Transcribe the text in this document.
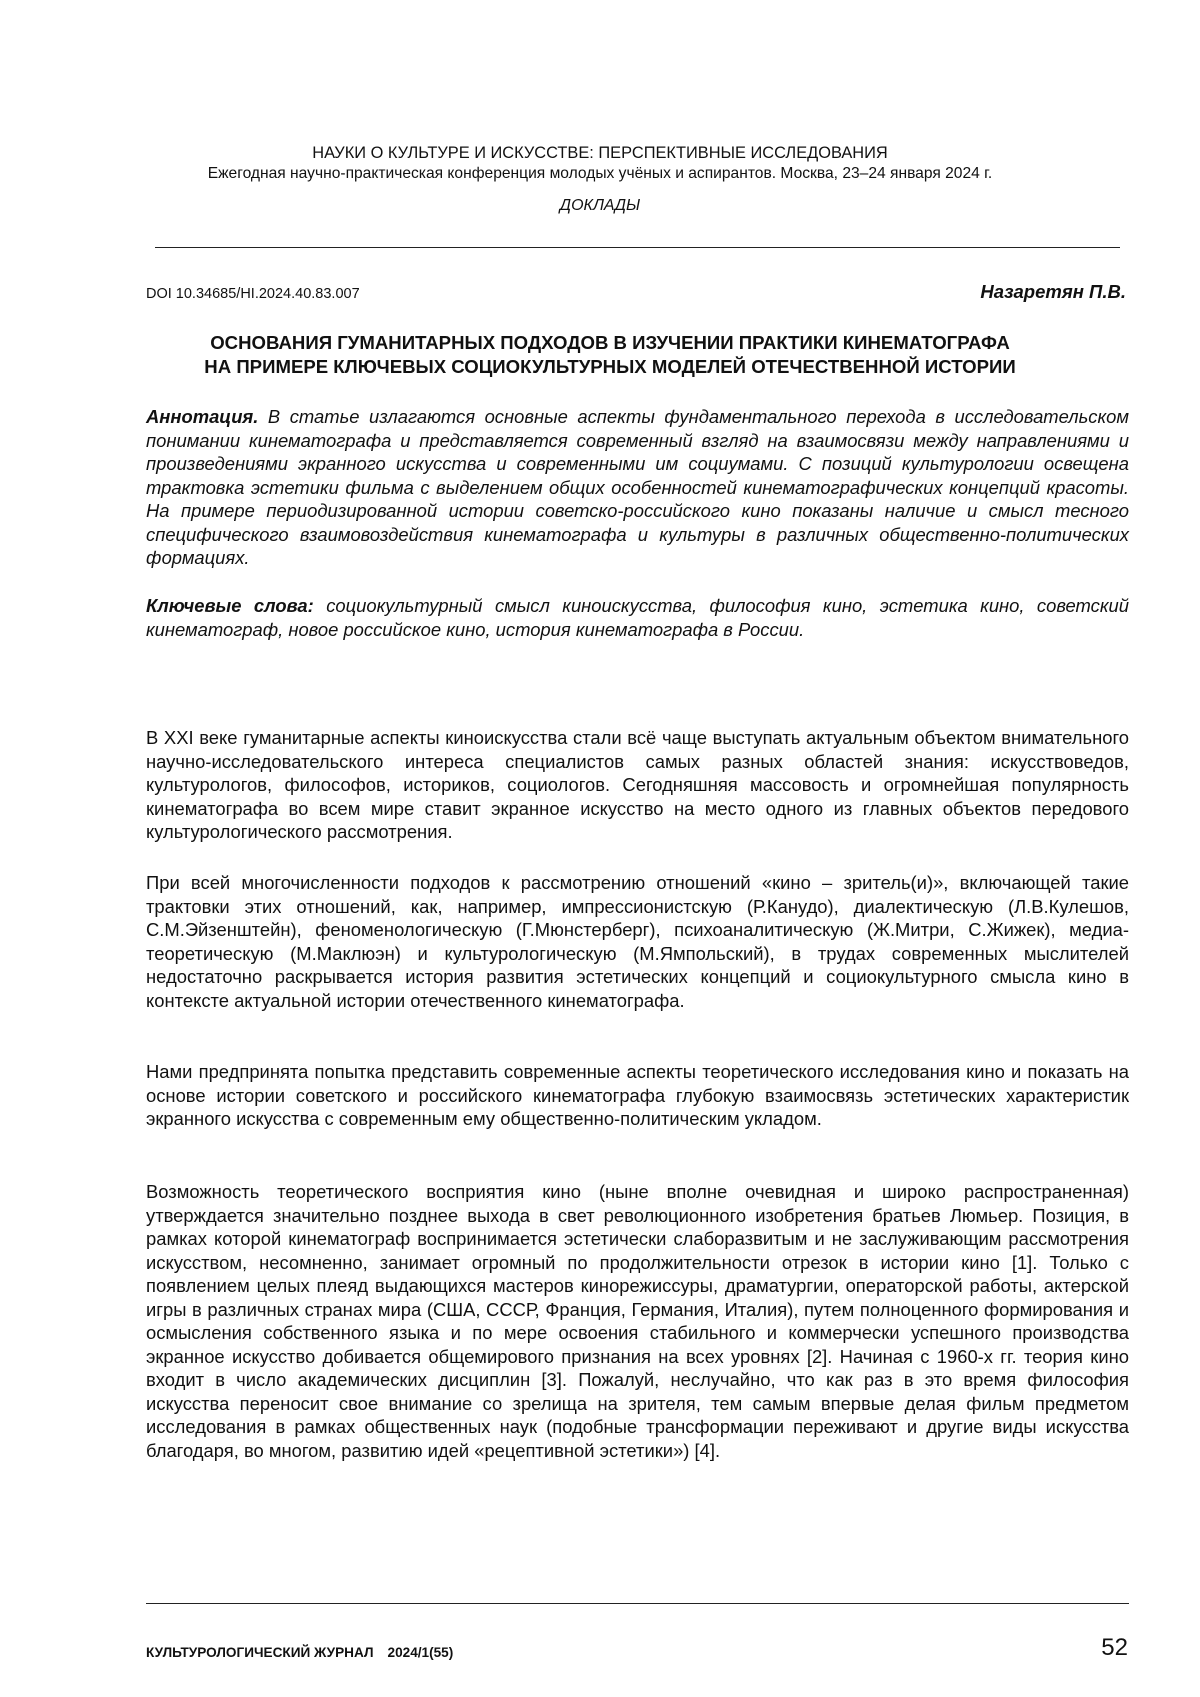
НАУКИ О КУЛЬТУРЕ И ИСКУССТВЕ: ПЕРСПЕКТИВНЫЕ ИССЛЕДОВАНИЯ
Ежегодная научно-практическая конференция молодых учёных и аспирантов. Москва, 23–24 января 2024 г.
ДОКЛАДЫ
DOI 10.34685/HI.2024.40.83.007	Назаретян П.В.
ОСНОВАНИЯ ГУМАНИТАРНЫХ ПОДХОДОВ В ИЗУЧЕНИИ ПРАКТИКИ КИНЕМАТОГРАФА
НА ПРИМЕРЕ КЛЮЧЕВЫХ СОЦИОКУЛЬТУРНЫХ МОДЕЛЕЙ ОТЕЧЕСТВЕННОЙ ИСТОРИИ
Аннотация. В статье излагаются основные аспекты фундаментального перехода в исследовательском понимании кинематографа и представляется современный взгляд на взаимосвязи между направлениями и произведениями экранного искусства и современными им социумами. С позиций культурологии освещена трактовка эстетики фильма с выделением общих особенностей кинематографических концепций красоты. На примере периодизированной истории советско-российского кино показаны наличие и смысл тесного специфического взаимовоздействия кинематографа и культуры в различных общественно-политических формациях.
Ключевые слова: социокультурный смысл киноискусства, философия кино, эстетика кино, советский кинематограф, новое российское кино, история кинематографа в России.
В XXI веке гуманитарные аспекты киноискусства стали всё чаще выступать актуальным объектом внимательного научно-исследовательского интереса специалистов самых разных областей знания: искусствоведов, культурологов, философов, историков, социологов. Сегодняшняя массовость и огромнейшая популярность кинематографа во всем мире ставит экранное искусство на место одного из главных объектов передового культурологического рассмотрения.
При всей многочисленности подходов к рассмотрению отношений «кино – зритель(и)», включающей такие трактовки этих отношений, как, например, импрессионистскую (Р.Канудо), диалектическую (Л.В.Кулешов, С.М.Эйзенштейн), феноменологическую (Г.Мюнстерберг), психоаналитическую (Ж.Митри, С.Жижек), медиа-теоретическую (М.Маклюэн) и культурологическую (М.Ямпольский), в трудах современных мыслителей недостаточно раскрывается история развития эстетических концепций и социокультурного смысла кино в контексте актуальной истории отечественного кинематографа.
Нами предпринята попытка представить современные аспекты теоретического исследования кино и показать на основе истории советского и российского кинематографа глубокую взаимосвязь эстетических характеристик экранного искусства с современным ему общественно-политическим укладом.
Возможность теоретического восприятия кино (ныне вполне очевидная и широко распространенная) утверждается значительно позднее выхода в свет революционного изобретения братьев Люмьер. Позиция, в рамках которой кинематограф воспринимается эстетически слаборазвитым и не заслуживающим рассмотрения искусством, несомненно, занимает огромный по продолжительности отрезок в истории кино [1]. Только с появлением целых плеяд выдающихся мастеров кинорежиссуры, драматургии, операторской работы, актерской игры в различных странах мира (США, СССР, Франция, Германия, Италия), путем полноценного формирования и осмысления собственного языка и по мере освоения стабильного и коммерчески успешного производства экранное искусство добивается общемирового признания на всех уровнях [2]. Начиная с 1960-х гг. теория кино входит в число академических дисциплин [3]. Пожалуй, неслучайно, что как раз в это время философия искусства переносит свое внимание со зрелища на зрителя, тем самым впервые делая фильм предметом исследования в рамках общественных наук (подобные трансформации переживают и другие виды искусства благодаря, во многом, развитию идей «рецептивной эстетики») [4].
КУЛЬТУРОЛОГИЧЕСКИЙ ЖУРНАЛ 2024/1(55)	52
